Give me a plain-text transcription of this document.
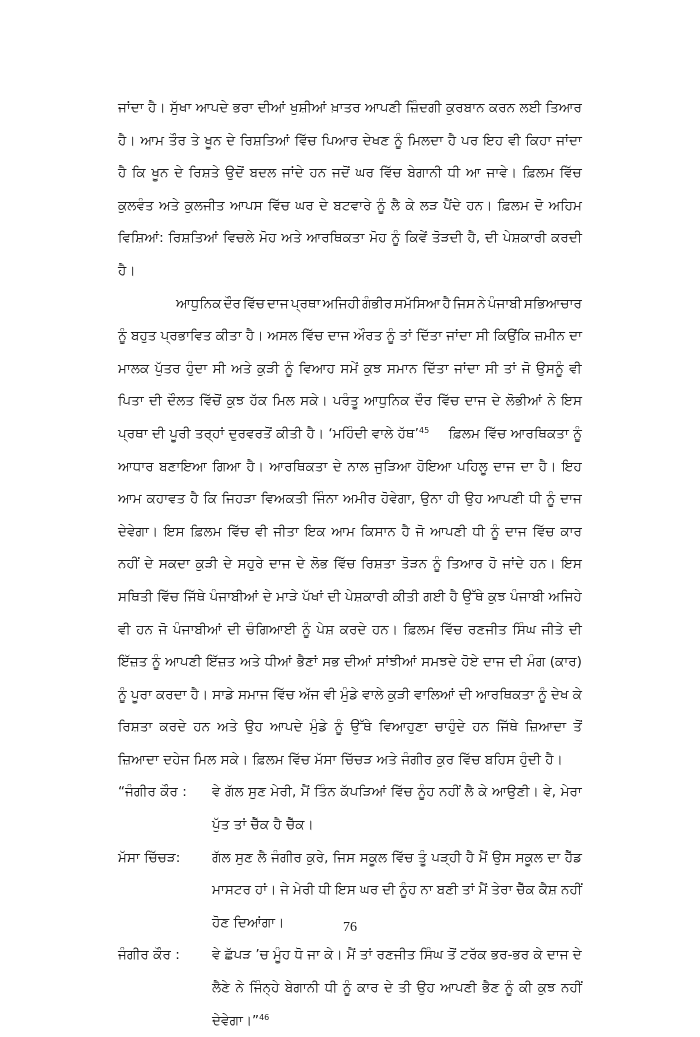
ਜਾਂਦਾ ਹੈ। ਸੁੱਖਾ ਆਪਦੇ ਭਰਾ ਦੀਆਂ ਖੁਸ਼ੀਆਂ ਖ਼ਾਤਰ ਆਪਣੀ ਜ਼ਿੰਦਗੀ ਕੁਰਬਾਨ ਕਰਨ ਲਈ ਤਿਆਰ
ਹੈ। ਆਮ ਤੌਰ ਤੇ ਖੂਨ ਦੇ ਰਿਸ਼ਤਿਆਂ ਵਿੱਚ ਪਿਆਰ ਦੇਖਣ ਨੂੰ ਮਿਲਦਾ ਹੈ ਪਰ ਇਹ ਵੀ ਕਿਹਾ ਜਾਂਦਾ
ਹੈ ਕਿ ਖੂਨ ਦੇ ਰਿਸ਼ਤੇ ਉਦੋਂ ਬਦਲ ਜਾਂਦੇ ਹਨ ਜਦੋਂ ਘਰ ਵਿੱਚ ਬੇਗਾਨੀ ਧੀ ਆ ਜਾਵੇ। ਫ਼ਿਲਮ ਵਿੱਚ
ਕੁਲਵੰਤ ਅਤੇ ਕੁਲਜੀਤ ਆਪਸ ਵਿੱਚ ਘਰ ਦੇ ਬਟਵਾਰੇ ਨੂੰ ਲੈ ਕੇ ਲੜ ਪੈਂਦੇ ਹਨ। ਫ਼ਿਲਮ ਦੋ ਅਹਿਮ
ਵਿਸ਼ਿਆਂ: ਰਿਸ਼ਤਿਆਂ ਵਿਚਲੇ ਮੋਹ ਅਤੇ ਆਰਥਿਕਤਾ ਮੋਹ ਨੂੰ ਕਿਵੇਂ ਤੋੜਦੀ ਹੈ, ਦੀ ਪੇਸ਼ਕਾਰੀ ਕਰਦੀ
ਹੈ।
ਆਧੁਨਿਕ ਦੌਰ ਵਿੱਚ ਦਾਜ ਪ੍ਰਥਾ ਅਜਿਹੀ ਗੰਭੀਰ ਸਮੱਸਿਆ ਹੈ ਜਿਸ ਨੇ ਪੰਜਾਬੀ ਸਭਿਆਚਾਰ
ਨੂੰ ਬਹੁਤ ਪ੍ਰਭਾਵਿਤ ਕੀਤਾ ਹੈ। ਅਸਲ ਵਿੱਚ ਦਾਜ ਔਰਤ ਨੂੰ ਤਾਂ ਦਿੱਤਾ ਜਾਂਦਾ ਸੀ ਕਿਉਂਕਿ ਜ਼ਮੀਨ ਦਾ
ਮਾਲਕ ਪੁੱਤਰ ਹੁੰਦਾ ਸੀ ਅਤੇ ਕੁੜੀ ਨੂੰ ਵਿਆਹ ਸਮੇਂ ਕੁਝ ਸਮਾਨ ਦਿੱਤਾ ਜਾਂਦਾ ਸੀ ਤਾਂ ਜੋ ਉਸਨੂੰ ਵੀ
ਪਿਤਾ ਦੀ ਦੌਲਤ ਵਿੱਚੋਂ ਕੁਝ ਹੱਕ ਮਿਲ ਸਕੇ। ਪਰੰਤੂ ਆਧੁਨਿਕ ਦੌਰ ਵਿੱਚ ਦਾਜ ਦੇ ਲੋਭੀਆਂ ਨੇ ਇਸ
ਪ੍ਰਥਾ ਦੀ ਪੂਰੀ ਤਰ੍ਹਾਂ ਦੁਰਵਰਤੋਂ ਕੀਤੀ ਹੈ। ‘ਮਹਿੰਦੀ ਵਾਲੇ ਹੱਥ’$^{45}$ ਫ਼ਿਲਮ ਵਿੱਚ ਆਰਥਿਕਤਾ ਨੂੰ
ਆਧਾਰ ਬਣਾਇਆ ਗਿਆ ਹੈ। ਆਰਥਿਕਤਾ ਦੇ ਨਾਲ ਜੁੜਿਆ ਹੋਇਆ ਪਹਿਲੂ ਦਾਜ ਦਾ ਹੈ। ਇਹ
ਆਮ ਕਹਾਵਤ ਹੈ ਕਿ ਜਿਹੜਾ ਵਿਅਕਤੀ ਜਿੰਨਾ ਅਮੀਰ ਹੋਵੇਗਾ, ਉਨਾ ਹੀ ਉਹ ਆਪਣੀ ਧੀ ਨੂੰ ਦਾਜ
ਦੇਵੇਗਾ। ਇਸ ਫ਼ਿਲਮ ਵਿੱਚ ਵੀ ਜੀਤਾ ਇਕ ਆਮ ਕਿਸਾਨ ਹੈ ਜੋ ਆਪਣੀ ਧੀ ਨੂੰ ਦਾਜ ਵਿੱਚ ਕਾਰ
ਨਹੀਂ ਦੇ ਸਕਦਾ ਕੁੜੀ ਦੇ ਸਹੁਰੇ ਦਾਜ ਦੇ ਲੋਭ ਵਿੱਚ ਰਿਸ਼ਤਾ ਤੋੜਨ ਨੂੰ ਤਿਆਰ ਹੋ ਜਾਂਦੇ ਹਨ। ਇਸ
ਸਥਿਤੀ ਵਿੱਚ ਜਿੱਥੇ ਪੰਜਾਬੀਆਂ ਦੇ ਮਾੜੇ ਪੱਖਾਂ ਦੀ ਪੇਸ਼ਕਾਰੀ ਕੀਤੀ ਗਈ ਹੈ ਉੱਥੇ ਕੁਝ ਪੰਜਾਬੀ ਅਜਿਹੇ
ਵੀ ਹਨ ਜੋ ਪੰਜਾਬੀਆਂ ਦੀ ਚੰਗਿਆਈ ਨੂੰ ਪੇਸ਼ ਕਰਦੇ ਹਨ। ਫ਼ਿਲਮ ਵਿੱਚ ਰਣਜੀਤ ਸਿੰਘ ਜੀਤੇ ਦੀ
ਇੱਜ਼ਤ ਨੂੰ ਆਪਣੀ ਇੱਜ਼ਤ ਅਤੇ ਧੀਆਂ ਭੈਣਾਂ ਸਭ ਦੀਆਂ ਸਾਂਝੀਆਂ ਸਮਝਦੇ ਹੋਏ ਦਾਜ ਦੀ ਮੰਗ (ਕਾਰ)
ਨੂੰ ਪੂਰਾ ਕਰਦਾ ਹੈ। ਸਾਡੇ ਸਮਾਜ ਵਿੱਚ ਅੱਜ ਵੀ ਮੁੰਡੇ ਵਾਲੇ ਕੁੜੀ ਵਾਲਿਆਂ ਦੀ ਆਰਥਿਕਤਾ ਨੂੰ ਦੇਖ ਕੇ
ਰਿਸ਼ਤਾ ਕਰਦੇ ਹਨ ਅਤੇ ਉਹ ਆਪਦੇ ਮੁੰਡੇ ਨੂੰ ਉੱਥੇ ਵਿਆਹੁਣਾ ਚਾਹੁੰਦੇ ਹਨ ਜਿੱਥੇ ਜ਼ਿਆਦਾ ਤੋਂ
ਜ਼ਿਆਦਾ ਦਹੇਜ ਮਿਲ ਸਕੇ। ਫ਼ਿਲਮ ਵਿੱਚ ਮੱਸਾ ਚਿੱਚੜ ਅਤੇ ਜੰਗੀਰ ਕੁਰ ਵਿੱਚ ਬਹਿਸ ਹੁੰਦੀ ਹੈ।
“ਜੰਗੀਰ ਕੌਰ :	ਵੇ ਗੱਲ ਸੁਣ ਮੇਰੀ, ਮੈਂ ਤਿੰਨ ਕੱਪੜਿਆਂ ਵਿੱਚ ਨੂੰਹ ਨਹੀਂ ਲੈ ਕੇ ਆਉਣੀ। ਵੇ, ਮੇਰਾ
ਪੁੱਤ ਤਾਂ ਚੈੱਕ ਹੈ ਚੈੱਕ।
ਮੱਸਾ ਚਿੱਚੜ:	ਗੱਲ ਸੁਣ ਲੈ ਜੰਗੀਰ ਕੁਰੇ, ਜਿਸ ਸਕੂਲ ਵਿੱਚ ਤੂੰ ਪੜ੍ਹੀ ਹੈ ਮੈਂ ਉਸ ਸਕੂਲ ਦਾ ਹੈੱਡ
ਮਾਸਟਰ ਹਾਂ। ਜੇ ਮੇਰੀ ਧੀ ਇਸ ਘਰ ਦੀ ਨੂੰਹ ਨਾ ਬਣੀ ਤਾਂ ਮੈਂ ਤੇਰਾ ਚੈੱਕ ਕੈਸ਼ ਨਹੀਂ
ਹੋਣ ਦਿਆਂਗਾ।
ਜੰਗੀਰ ਕੌਰ :	ਵੇ ਛੱਪੜ ’ਚ ਮੂੰਹ ਧੋ ਜਾ ਕੇ। ਮੈਂ ਤਾਂ ਰਣਜੀਤ ਸਿੰਘ ਤੋਂ ਟਰੱਕ ਭਰ-ਭਰ ਕੇ ਦਾਜ ਦੇ
ਲੈਣੇ ਨੇ ਜਿੰਨ੍ਹੇ ਬੇਗਾਨੀ ਧੀ ਨੂੰ ਕਾਰ ਦੇ ਤੀ ਉਹ ਆਪਣੀ ਭੈਣ ਨੂੰ ਕੀ ਕੁਝ ਨਹੀਂ
ਦੇਵੇਗਾ।”$^{46}$
76
